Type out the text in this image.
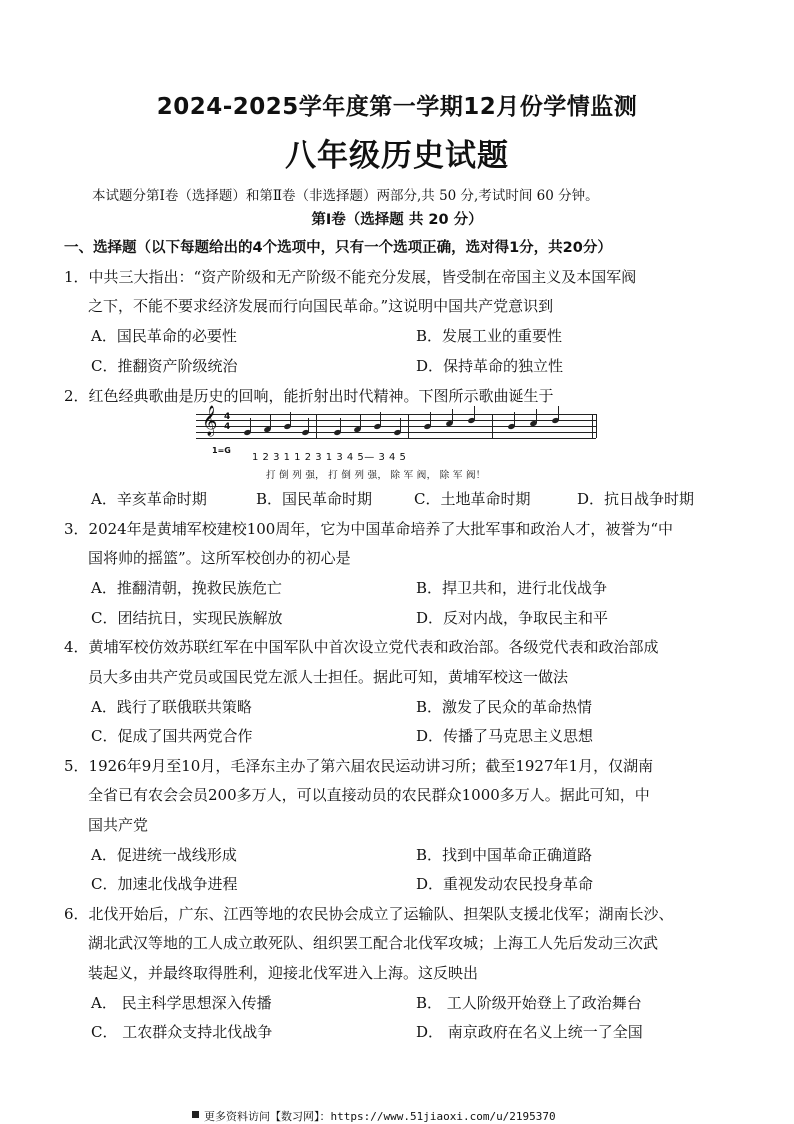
2024-2025学年度第一学期12月份学情监测
八年级历史试题
本试题分第Ⅰ卷（选择题）和第Ⅱ卷（非选择题）两部分,共 50 分,考试时间 60 分钟。
第Ⅰ卷（选择题 共 20 分）
一、选择题（以下每题给出的4个选项中，只有一个选项正确，选对得1分，共20分）
1．中共三大指出：“资产阶级和无产阶级不能充分发展，皆受制在帝国主义及本国军阀
之下，不能不要求经济发展而行向国民革命。”这说明中国共产党意识到
A．国民革命的必要性	B．发展工业的重要性
C．推翻资产阶级统治	D．保持革命的独立性
2．红色经典歌曲是历史的回响，能折射出时代精神。下图所示歌曲诞生于
𝄞 4
4
1=G
1 2 3 1 1 2 3 1 3 4 5— 3 4 5
打 倒 列 强， 打 倒 列 强， 除 军 阀， 除 军 阀！
A．辛亥革命时期	B．国民革命时期	C．土地革命时期	D．抗日战争时期
3．2024年是黄埔军校建校100周年，它为中国革命培养了大批军事和政治人才，被誉为“中
国将帅的摇篮”。这所军校创办的初心是
A．推翻清朝，挽救民族危亡	B．捍卫共和，进行北伐战争
C．团结抗日，实现民族解放	D．反对内战，争取民主和平
4．黄埔军校仿效苏联红军在中国军队中首次设立党代表和政治部。各级党代表和政治部成
员大多由共产党员或国民党左派人士担任。据此可知，黄埔军校这一做法
A．践行了联俄联共策略	B．激发了民众的革命热情
C．促成了国共两党合作	D．传播了马克思主义思想
5．1926年9月至10月，毛泽东主办了第六届农民运动讲习所；截至1927年1月，仅湖南
全省已有农会会员200多万人，可以直接动员的农民群众1000多万人。据此可知，中
国共产党
A．促进统一战线形成	B．找到中国革命正确道路
C．加速北伐战争进程	D．重视发动农民投身革命
6．北伐开始后，广东、江西等地的农民协会成立了运输队、担架队支援北伐军；湖南长沙、
湖北武汉等地的工人成立敢死队、组织罢工配合北伐军攻城；上海工人先后发动三次武
装起义，并最终取得胜利，迎接北伐军进入上海。这反映出
A． 民主科学思想深入传播	B． 工人阶级开始登上了政治舞台
C． 工农群众支持北伐战争	D． 南京政府在名义上统一了全国
更多资料访问【数习网】：https://www.51jiaoxi.com/u/2195370
